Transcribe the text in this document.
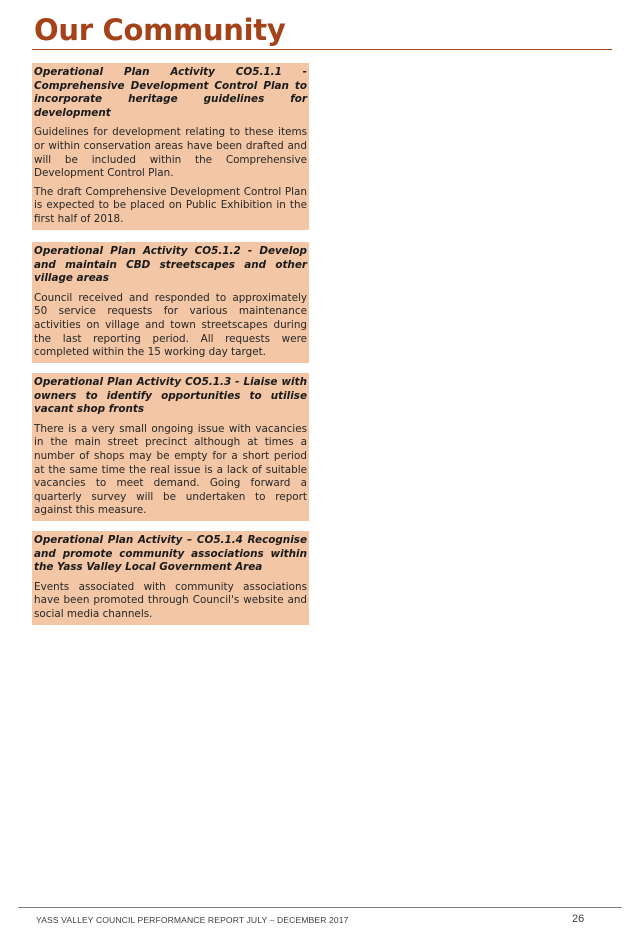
Our Community

Operational Plan Activity CO5.1.1 - Comprehensive Development Control Plan to incorporate heritage guidelines for development

Guidelines for development relating to these items or within conservation areas have been drafted and will be included within the Comprehensive Development Control Plan.

The draft Comprehensive Development Control Plan is expected to be placed on Public Exhibition in the first half of 2018.

Operational Plan Activity CO5.1.2 - Develop and maintain CBD streetscapes and other village areas

Council received and responded to approximately 50 service requests for various maintenance activities on village and town streetscapes during the last reporting period. All requests were completed within the 15 working day target.

Operational Plan Activity CO5.1.3 - Liaise with owners to identify opportunities to utilise vacant shop fronts

There is a very small ongoing issue with vacancies in the main street precinct although at times a number of shops may be empty for a short period at the same time the real issue is a lack of suitable vacancies to meet demand. Going forward a quarterly survey will be undertaken to report against this measure.

Operational Plan Activity – CO5.1.4 Recognise and promote community associations within the Yass Valley Local Government Area

Events associated with community associations have been promoted through Council's website and social media channels.

YASS VALLEY COUNCIL PERFORMANCE REPORT JULY – DECEMBER 2017	26
